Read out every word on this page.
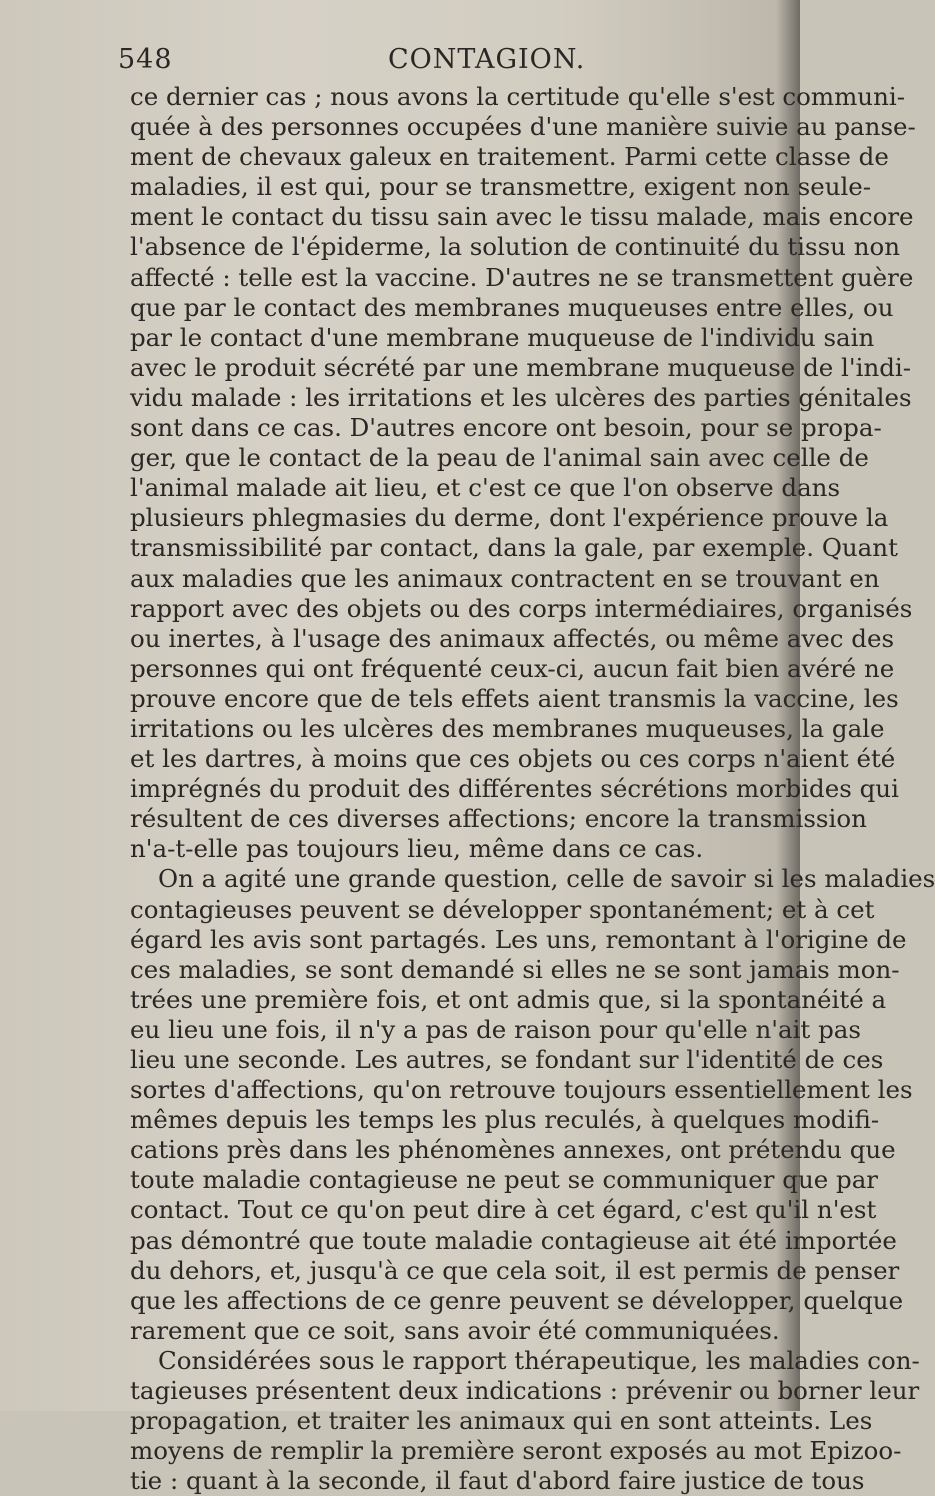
548	CONTAGION.
ce dernier cas ; nous avons la certitude qu'elle s'est communi-
quée à des personnes occupées d'une manière suivie au panse-
ment de chevaux galeux en traitement. Parmi cette classe de
maladies, il est qui, pour se transmettre, exigent non seule-
ment le contact du tissu sain avec le tissu malade, mais encore
l'absence de l'épiderme, la solution de continuité du tissu non
affecté : telle est la vaccine. D'autres ne se transmettent guère
que par le contact des membranes muqueuses entre elles, ou
par le contact d'une membrane muqueuse de l'individu sain
avec le produit sécrété par une membrane muqueuse de l'indi-
vidu malade : les irritations et les ulcères des parties génitales
sont dans ce cas. D'autres encore ont besoin, pour se propa-
ger, que le contact de la peau de l'animal sain avec celle de
l'animal malade ait lieu, et c'est ce que l'on observe dans
plusieurs phlegmasies du derme, dont l'expérience prouve la
transmissibilité par contact, dans la gale, par exemple. Quant
aux maladies que les animaux contractent en se trouvant en
rapport avec des objets ou des corps intermédiaires, organisés
ou inertes, à l'usage des animaux affectés, ou même avec des
personnes qui ont fréquenté ceux-ci, aucun fait bien avéré ne
prouve encore que de tels effets aient transmis la vaccine, les
irritations ou les ulcères des membranes muqueuses, la gale
et les dartres, à moins que ces objets ou ces corps n'aient été
imprégnés du produit des différentes sécrétions morbides qui
résultent de ces diverses affections; encore la transmission
n'a-t-elle pas toujours lieu, même dans ce cas.
On a agité une grande question, celle de savoir si les maladies
contagieuses peuvent se développer spontanément; et à cet
égard les avis sont partagés. Les uns, remontant à l'origine de
ces maladies, se sont demandé si elles ne se sont jamais mon-
trées une première fois, et ont admis que, si la spontanéité a
eu lieu une fois, il n'y a pas de raison pour qu'elle n'ait pas
lieu une seconde. Les autres, se fondant sur l'identité de ces
sortes d'affections, qu'on retrouve toujours essentiellement les
mêmes depuis les temps les plus reculés, à quelques modifi-
cations près dans les phénomènes annexes, ont prétendu que
toute maladie contagieuse ne peut se communiquer que par
contact. Tout ce qu'on peut dire à cet égard, c'est qu'il n'est
pas démontré que toute maladie contagieuse ait été importée
du dehors, et, jusqu'à ce que cela soit, il est permis de penser
que les affections de ce genre peuvent se développer, quelque
rarement que ce soit, sans avoir été communiquées.
Considérées sous le rapport thérapeutique, les maladies con-
tagieuses présentent deux indications : prévenir ou borner leur
propagation, et traiter les animaux qui en sont atteints. Les
moyens de remplir la première seront exposés au mot Epizoo-
tie : quant à la seconde, il faut d'abord faire justice de tous
